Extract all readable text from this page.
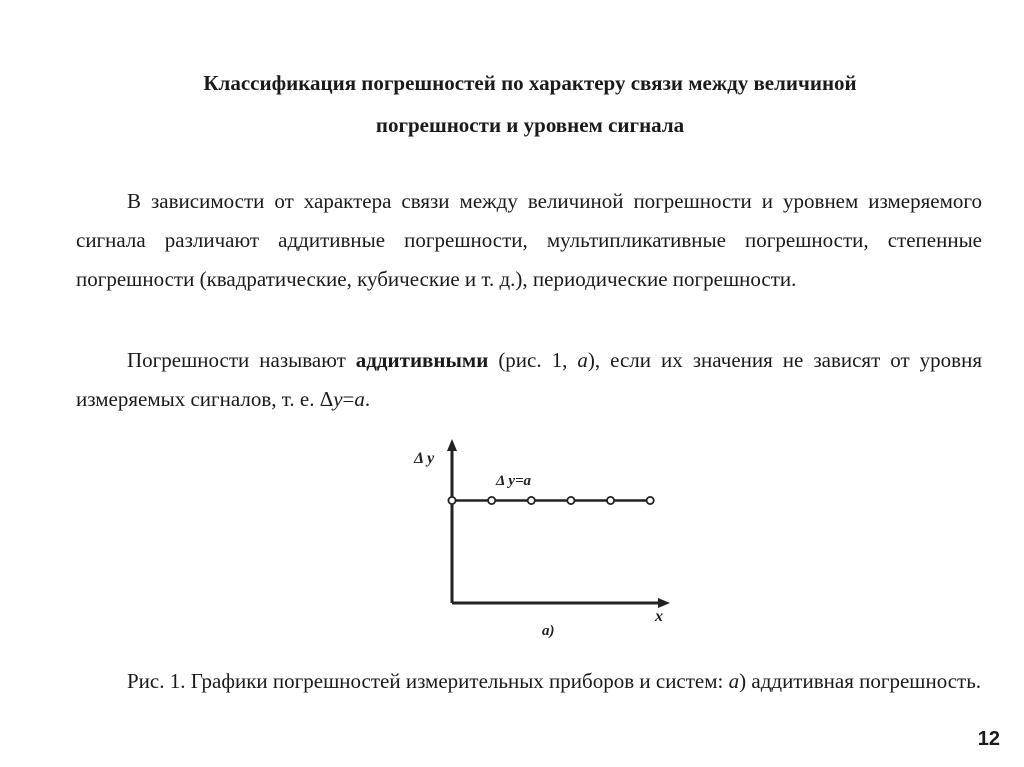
Классификация погрешностей по характеру связи между величиной
погрешности и уровнем сигнала

В зависимости от характера связи между величиной погрешности и уровнем измеряемого сигнала различают аддитивные погрешности, мультипликативные погрешности, степенные погрешности (квадратические, кубические и т. д.), периодические погрешности.

Погрешности называют аддитивными (рис. 1, а), если их значения не зависят от уровня измеряемых сигналов, т. е. Δy=a.

Δ y
Δ y=a
x
а)

Рис. 1. Графики погрешностей измерительных приборов и систем: а) аддитивная погрешность.

12
